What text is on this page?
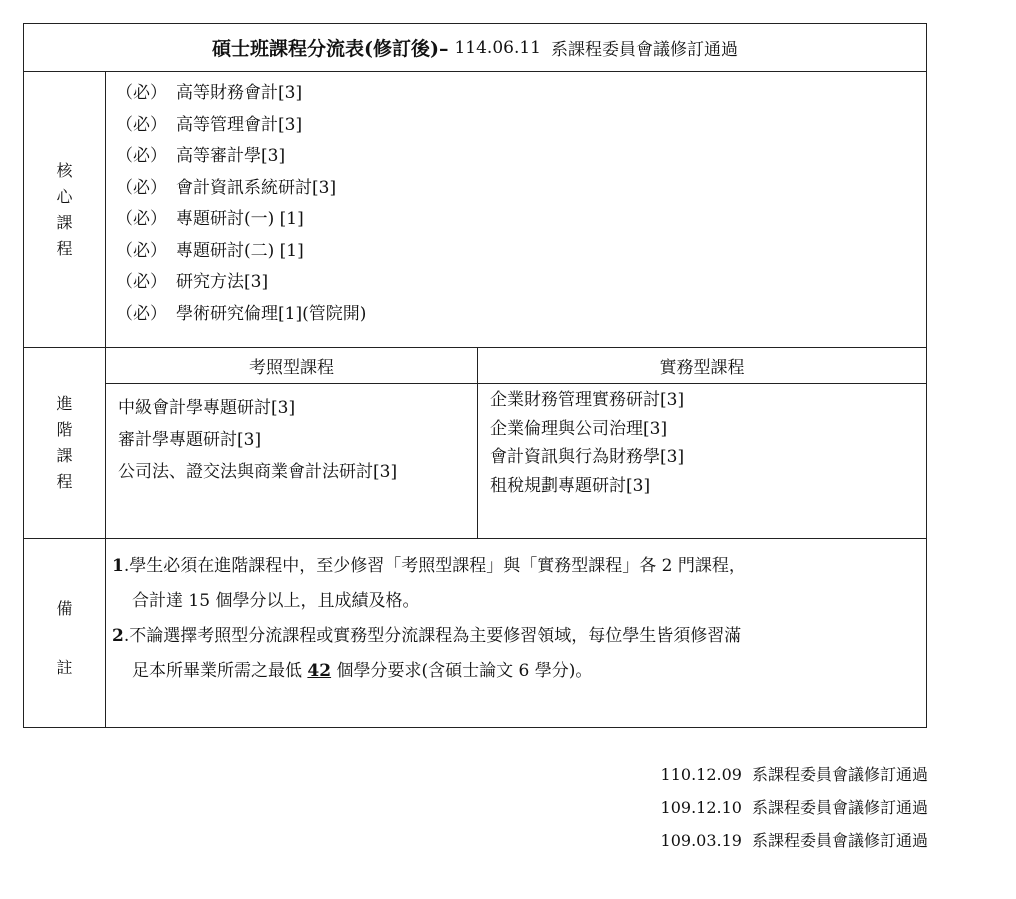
碩士班課程分流表(修訂後)– 114.06.11 系課程委員會議修訂通過
核
心
課
程
（必） 高等財務會計[3]
（必） 高等管理會計[3]
（必） 高等審計學[3]
（必） 會計資訊系統研討[3]
（必） 專題研討(一) [1]
（必） 專題研討(二) [1]
（必） 研究方法[3]
（必） 學術研究倫理[1](管院開)
進
階
課
程
考照型課程
中級會計學專題研討[3]
審計學專題研討[3]
公司法、證交法與商業會計法研討[3]
實務型課程
企業財務管理實務研討[3]
企業倫理與公司治理[3]
會計資訊與行為財務學[3]
租稅規劃專題研討[3]
備
註
1.學生必須在進階課程中，至少修習「考照型課程」與「實務型課程」各 2 門課程，
合計達 15 個學分以上，且成績及格。
2.不論選擇考照型分流課程或實務型分流課程為主要修習領域，每位學生皆須修習滿
足本所畢業所需之最低 42 個學分要求(含碩士論文 6 學分)。
110.12.09 系課程委員會議修訂通過
109.12.10 系課程委員會議修訂通過
109.03.19 系課程委員會議修訂通過
